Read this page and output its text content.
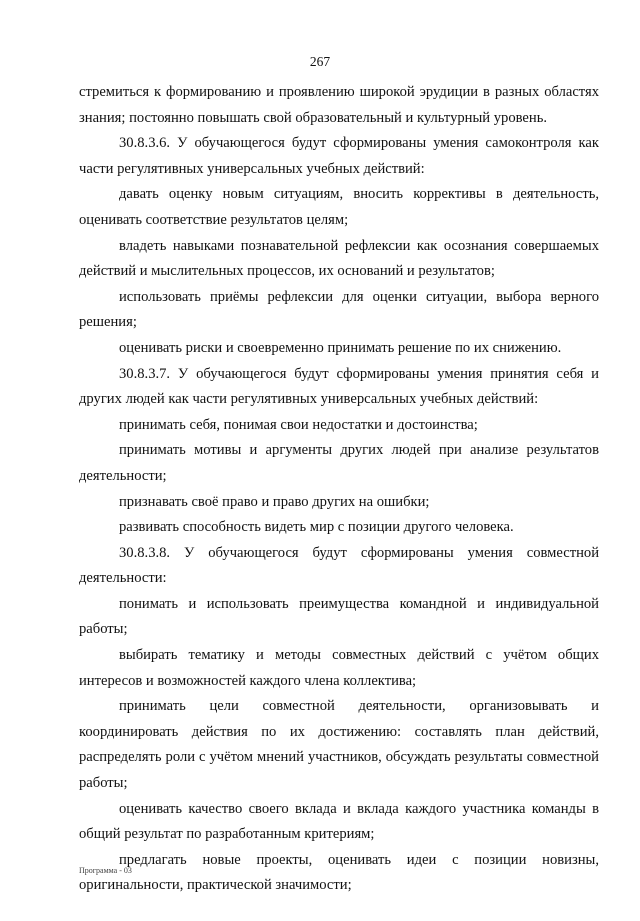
267

стремиться к формированию и проявлению широкой эрудиции в разных областях знания; постоянно повышать свой образовательный и культурный уровень.

30.8.3.6. У обучающегося будут сформированы умения самоконтроля как части регулятивных универсальных учебных действий:

давать оценку новым ситуациям, вносить коррективы в деятельность, оценивать соответствие результатов целям;

владеть навыками познавательной рефлексии как осознания совершаемых действий и мыслительных процессов, их оснований и результатов;

использовать приёмы рефлексии для оценки ситуации, выбора верного решения;

оценивать риски и своевременно принимать решение по их снижению.

30.8.3.7. У обучающегося будут сформированы умения принятия себя и других людей как части регулятивных универсальных учебных действий:

принимать себя, понимая свои недостатки и достоинства;

принимать мотивы и аргументы других людей при анализе результатов деятельности;

признавать своё право и право других на ошибки;

развивать способность видеть мир с позиции другого человека.

30.8.3.8. У обучающегося будут сформированы умения совместной деятельности:

понимать и использовать преимущества командной и индивидуальной работы;

выбирать тематику и методы совместных действий с учётом общих интересов и возможностей каждого члена коллектива;

принимать цели совместной деятельности, организовывать и координировать действия по их достижению: составлять план действий, распределять роли с учётом мнений участников, обсуждать результаты совместной работы;

оценивать качество своего вклада и вклада каждого участника команды в общий результат по разработанным критериям;

предлагать новые проекты, оценивать идеи с позиции новизны, оригинальности, практической значимости;

Программа - 03
